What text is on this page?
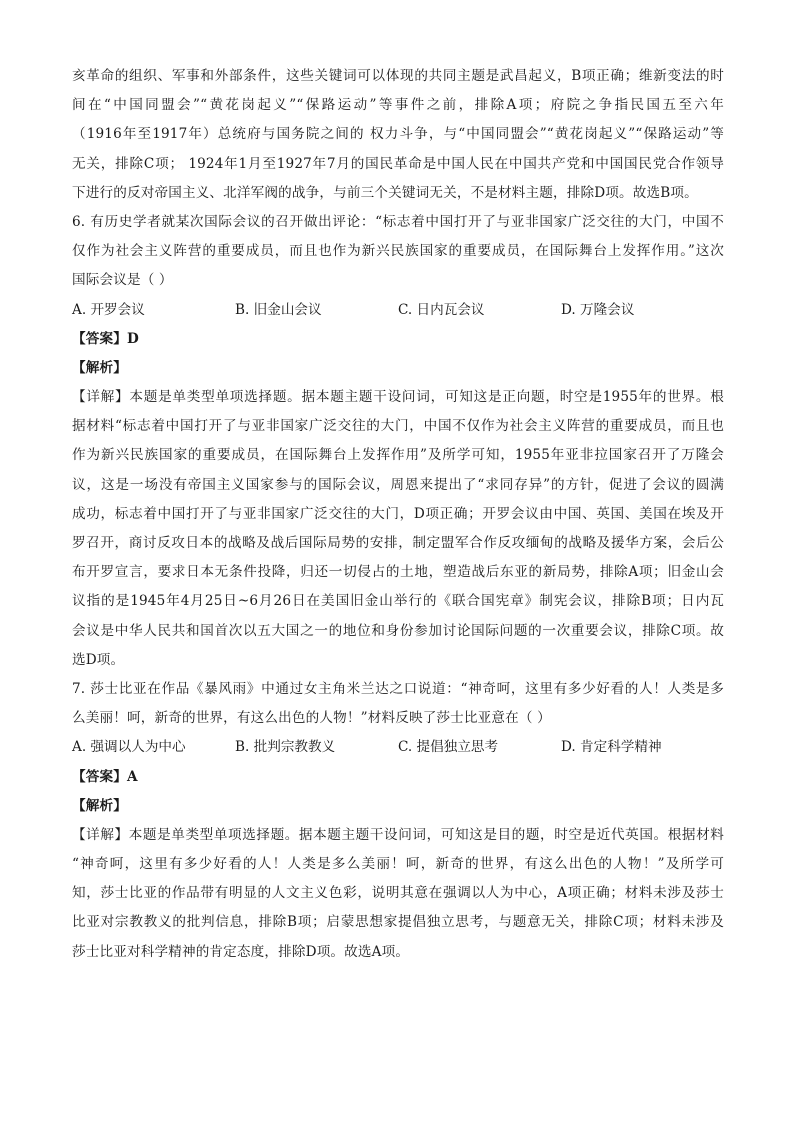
亥革命的组织、军事和外部条件，这些关键词可以体现的共同主题是武昌起义，B项正确；维新变法的时
间在“中国同盟会”“黄花岗起义”“保路运动”等事件之前，排除A项；府院之争指民国五至六年
（1916年至1917年）总统府与国务院之间的 权力斗争，与“中国同盟会”“黄花岗起义”“保路运动”等
无关，排除C项； 1924年1月至1927年7月的国民革命是中国人民在中国共产党和中国国民党合作领导
下进行的反对帝国主义、北洋军阀的战争，与前三个关键词无关，不是材料主题，排除D项。故选B项。
6. 有历史学者就某次国际会议的召开做出评论：“标志着中国打开了与亚非国家广泛交往的大门，中国不
仅作为社会主义阵营的重要成员，而且也作为新兴民族国家的重要成员，在国际舞台上发挥作用。”这次
国际会议是（ ）
A. 开罗会议	B. 旧金山会议	C. 日内瓦会议	D. 万隆会议
【答案】D
【解析】
【详解】本题是单类型单项选择题。据本题主题干设问词，可知这是正向题，时空是1955年的世界。根
据材料“标志着中国打开了与亚非国家广泛交往的大门，中国不仅作为社会主义阵营的重要成员，而且也
作为新兴民族国家的重要成员，在国际舞台上发挥作用”及所学可知，1955年亚非拉国家召开了万隆会
议，这是一场没有帝国主义国家参与的国际会议，周恩来提出了“求同存异”的方针，促进了会议的圆满
成功，标志着中国打开了与亚非国家广泛交往的大门，D项正确；开罗会议由中国、英国、美国在埃及开
罗召开，商讨反攻日本的战略及战后国际局势的安排，制定盟军合作反攻缅甸的战略及援华方案，会后公
布开罗宣言，要求日本无条件投降，归还一切侵占的土地，塑造战后东亚的新局势，排除A项；旧金山会
议指的是1945年4月25日~6月26日在美国旧金山举行的《联合国宪章》制宪会议，排除B项；日内瓦
会议是中华人民共和国首次以五大国之一的地位和身份参加讨论国际问题的一次重要会议，排除C项。故
选D项。
7. 莎士比亚在作品《暴风雨》中通过女主角米兰达之口说道：“神奇呵，这里有多少好看的人！人类是多
么美丽！呵，新奇的世界，有这么出色的人物！”材料反映了莎士比亚意在（ ）
A. 强调以人为中心	B. 批判宗教教义	C. 提倡独立思考	D. 肯定科学精神
【答案】A
【解析】
【详解】本题是单类型单项选择题。据本题主题干设问词，可知这是目的题，时空是近代英国。根据材料
“神奇呵，这里有多少好看的人！人类是多么美丽！呵，新奇的世界，有这么出色的人物！”及所学可
知，莎士比亚的作品带有明显的人文主义色彩，说明其意在强调以人为中心，A项正确；材料未涉及莎士
比亚对宗教教义的批判信息，排除B项；启蒙思想家提倡独立思考，与题意无关，排除C项；材料未涉及
莎士比亚对科学精神的肯定态度，排除D项。故选A项。
